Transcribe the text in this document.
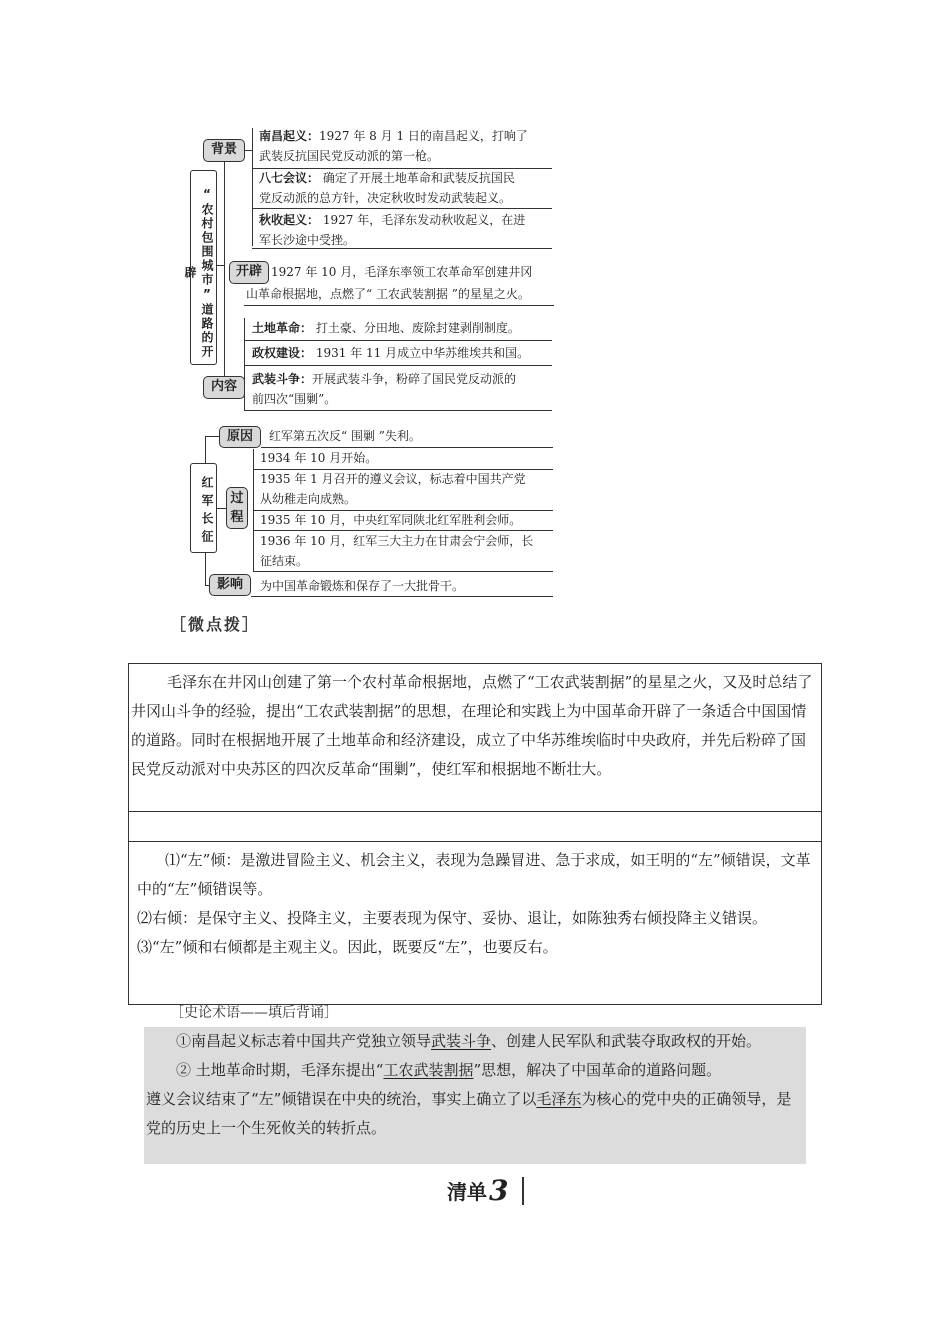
“农村包围城市”道路的开辟
背景
开辟
内容
南昌起义：1927 年 8 月 1 日的南昌起义，打响了
武装反抗国民党反动派的第一枪。
八七会议： 确定了开展土地革命和武装反抗国民
党反动派的总方针，决定秋收时发动武装起义。
秋收起义： 1927 年，毛泽东发动秋收起义，在进
军长沙途中受挫。
1927 年 10 月，毛泽东率领工农革命军创建井冈
山革命根据地，点燃了“ 工农武装割据 ”的星星之火。
土地革命： 打土豪、分田地、废除封建剥削制度。
政权建设： 1931 年 11 月成立中华苏维埃共和国。
武装斗争：开展武装斗争，粉碎了国民党反动派的
前四次“围剿”。
红军长征
原因
过程
影响
红军第五次反“ 围剿 ”失利。
1934 年 10 月开始。
1935 年 1 月召开的遵义会议，标志着中国共产党
从幼稚走向成熟。
1935 年 10 月，中央红军同陕北红军胜利会师。
1936 年 10 月，红军三大主力在甘肃会宁会师，长
征结束。
为中国革命锻炼和保存了一大批骨干。
［微点拨］

毛泽东在井冈山创建了第一个农村革命根据地，点燃了“工农武装割据”的星星之火，又及时总结了井冈山斗争的经验，提出“工农武装割据”的思想，在理论和实践上为中国革命开辟了一条适合中国国情的道路。同时在根据地开展了土地革命和经济建设，成立了中华苏维埃临时中央政府，并先后粉碎了国民党反动派对中央苏区的四次反革命“围剿”，使红军和根据地不断壮大。

⑴“左”倾：是激进冒险主义、机会主义，表现为急躁冒进、急于求成，如王明的“左”倾错误，文革中的“左”倾错误等。

⑵右倾：是保守主义、投降主义，主要表现为保守、妥协、退让，如陈独秀右倾投降主义错误。

⑶“左”倾和右倾都是主观主义。因此，既要反“左”，也要反右。

［史论术语——填后背诵］

①南昌起义标志着中国共产党独立领导武装斗争、创建人民军队和武装夺取政权的开始。

② 土地革命时期，毛泽东提出“工农武装割据”思想，解决了中国革命的道路问题。

遵义会议结束了“左”倾错误在中央的统治，事实上确立了以毛泽东为核心的党中央的正确领导，是党的历史上一个生死攸关的转折点。

清单3
